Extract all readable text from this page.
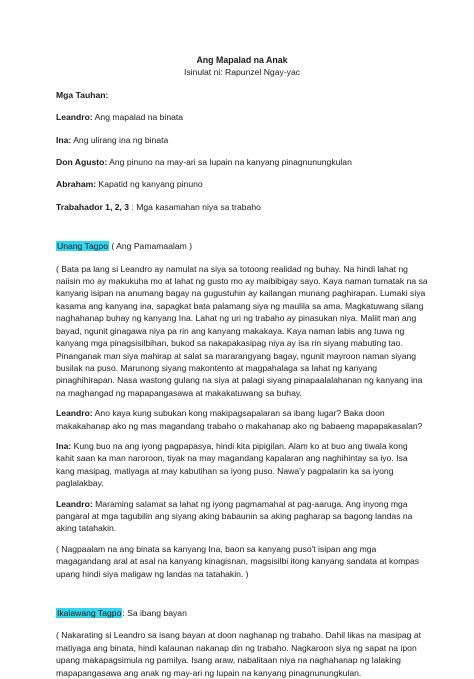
Ang Mapalad na Anak
Isinulat ni: Rapunzel Ngay-yac
Mga Tauhan:
Leandro: Ang mapalad na binata
Ina: Ang ulirang ina ng binata
Don Agusto: Ang pinuno na may-ari sa lupain na kanyang pinagnunungkulan
Abraham: Kapatid ng kanyang pinuno
Trabahador 1, 2, 3 : Mga kasamahan niya sa trabaho
Unang Tagpo ( Ang Pamamaalam )

( Bata pa lang si Leandro ay namulat na siya sa totoong realidad ng buhay. Na hindi lahat ng naiisin mo ay makukuha mo at lahat ng gusto mo ay maibibigay sayo. Kaya naman tumatak na sa kanyang isipan na anumang bagay na gugustuhin ay kailangan munang paghirapan. Lumaki siya kasama ang kanyang ina, sapagkat bata palamang siya ng maulila sa ama. Magkatuwang silang naghahanap buhay ng kanyang Ina. Lahat ng uri ng trabaho ay pinasukan niya. Maliit man ang bayad, ngunit ginagawa niya pa rin ang kanyang makakaya. Kaya naman labis ang tuwa ng kanyang mga pinagsisilbihan, bukod sa nakapakasipag niya ay isa rin siyang mabuting tao. Pinanganak man siya mahirap at salat sa mararangyang bagay, ngunit mayroon naman siyang busilak na puso. Marunong siyang makontento at magpahalaga sa lahat ng kanyang pinaghihirapan. Nasa wastong gulang na siya at palagi siyang pinapaalalahanan ng kanyang ina na maghangad ng mapapangasawa at makakatuwang sa buhay.

Leandro: Ano kaya kung subukan kong makipagsapalaran sa ibang lugar? Baka doon makakahanap ako ng mas magandang trabaho o makahanap ako ng babaeng mapapakasalan?

Ina: Kung buo na ang iyong pagpapasya, hindi kita pipigilan. Alam ko at buo ang tiwala kong kahit saan ka man naroroon, tiyak na may magandang kapalaran ang naghihintay sa iyo. Isa kang masipag, matiyaga at may kabutihan sa iyong puso. Nawa'y pagpalarin ka sa iyong paglalakbay.

Leandro: Maraming salamat sa lahat ng iyong pagmamahal at pag-aaruga. Ang inyong mga pangaral at mga tagubilin ang siyang aking babaunin sa aking pagharap sa bagong landas na aking tatahakin.

( Nagpaalam na ang binata sa kanyang Ina, baon sa kanyang puso't isipan ang mga magagandang aral at asal na kanyang kinagisnan, magsisilbi itong kanyang sandata at kompas upang hindi siya maligaw ng landas na tatahakin. )

Ikalawang Tagpo: Sa ibang bayan

( Nakarating si Leandro sa isang bayan at doon naghanap ng trabaho. Dahil likas na masipag at matiyaga ang binata, hindi kalaunan nakanap din ng trabaho. Nagkaroon siya ng sapat na ipon upang makapagsimula ng pamilya. Isang araw, nabalitaan niya na naghahanap ng lalaking mapapangasawa ang anak ng may-ari ng lupain na kanyang pinagnunungkulan.
